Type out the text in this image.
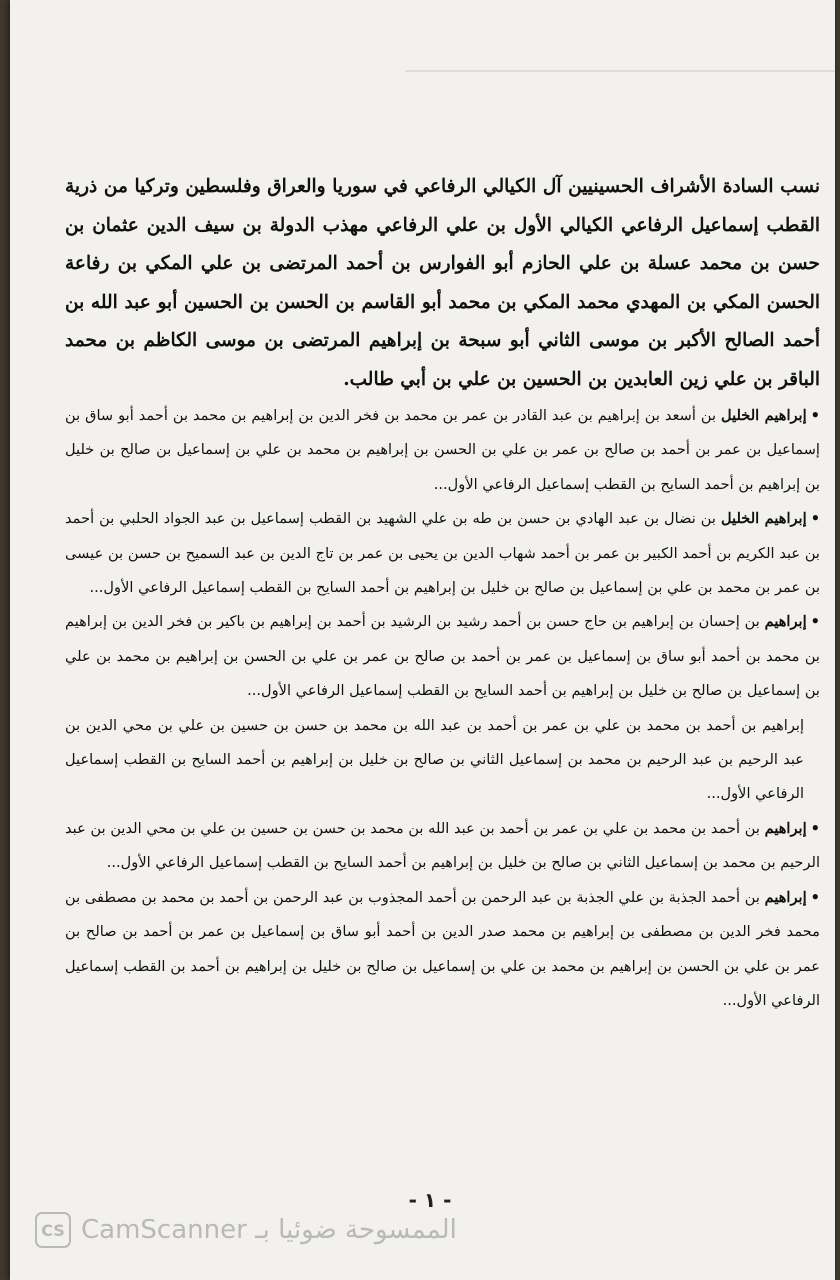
نسب السادة الأشراف الحسينيين آل الكيالي الرفاعي في سوريا والعراق وفلسطين وتركيا من ذرية القطب إسماعيل الرفاعي الكيالي الأول بن علي الرفاعي مهذب الدولة بن سيف الدين عثمان بن حسن بن محمد عسلة بن علي الحازم أبو الفوارس بن أحمد المرتضى بن علي المكي بن رفاعة الحسن المكي بن المهدي محمد المكي بن محمد أبو القاسم بن الحسن بن الحسين أبو عبد الله بن أحمد الصالح الأكبر بن موسى الثاني أبو سبحة بن إبراهيم المرتضى بن موسى الكاظم بن محمد الباقر بن علي زين العابدين بن الحسين بن علي بن أبي طالب.

•إبراهيم الخليل بن أسعد بن إبراهيم بن عبد القادر بن عمر بن محمد بن فخر الدين بن إبراهيم بن محمد بن أحمد أبو ساق بن إسماعيل بن عمر بن أحمد بن صالح بن عمر بن علي بن الحسن بن إبراهيم بن محمد بن علي بن إسماعيل بن صالح بن خليل بن إبراهيم بن أحمد السايح بن القطب إسماعيل الرفاعي الأول...

•إبراهيم الخليل بن نضال بن عبد الهادي بن حسن بن طه بن علي الشهيد بن القطب إسماعيل بن عبد الجواد الحلبي بن أحمد بن عبد الكريم بن أحمد الكبير بن عمر بن أحمد شهاب الدين بن يحيى بن عمر بن تاج الدين بن عبد السميح بن حسن بن عيسى بن عمر بن محمد بن علي بن إسماعيل بن صالح بن خليل بن إبراهيم بن أحمد السايح بن القطب إسماعيل الرفاعي الأول...

•إبراهيم بن إحسان بن إبراهيم بن حاج حسن بن أحمد رشيد بن الرشيد بن أحمد بن إبراهيم بن باكير بن فخر الدين بن إبراهيم بن محمد بن أحمد أبو ساق بن إسماعيل بن عمر بن أحمد بن صالح بن عمر بن علي بن الحسن بن إبراهيم بن محمد بن علي بن إسماعيل بن صالح بن خليل بن إبراهيم بن أحمد السايح بن القطب إسماعيل الرفاعي الأول...

إبراهيم بن أحمد بن محمد بن علي بن عمر بن أحمد بن عبد الله بن محمد بن حسن بن حسين بن علي بن محي الدين بن عبد الرحيم بن عبد الرحيم بن محمد بن إسماعيل الثاني بن صالح بن خليل بن إبراهيم بن أحمد السايح بن القطب إسماعيل الرفاعي الأول...

•إبراهيم بن أحمد بن محمد بن علي بن عمر بن أحمد بن عبد الله بن محمد بن حسن بن حسين بن علي بن محي الدين بن عبد الرحيم بن محمد بن إسماعيل الثاني بن صالح بن خليل بن إبراهيم بن أحمد السايح بن القطب إسماعيل الرفاعي الأول...

•إبراهيم بن أحمد الجذبة بن علي الجذبة بن عبد الرحمن بن أحمد المجذوب بن عبد الرحمن بن أحمد بن محمد بن مصطفى بن محمد فخر الدين بن مصطفى بن إبراهيم بن محمد صدر الدين بن أحمد أبو ساق بن إسماعيل بن عمر بن أحمد بن صالح بن عمر بن علي بن الحسن بن إبراهيم بن محمد بن علي بن إسماعيل بن صالح بن خليل بن إبراهيم بن أحمد بن القطب إسماعيل الرفاعي الأول...

- ١ -
CS CamScanner الممسوحة ضوئيا بـ
